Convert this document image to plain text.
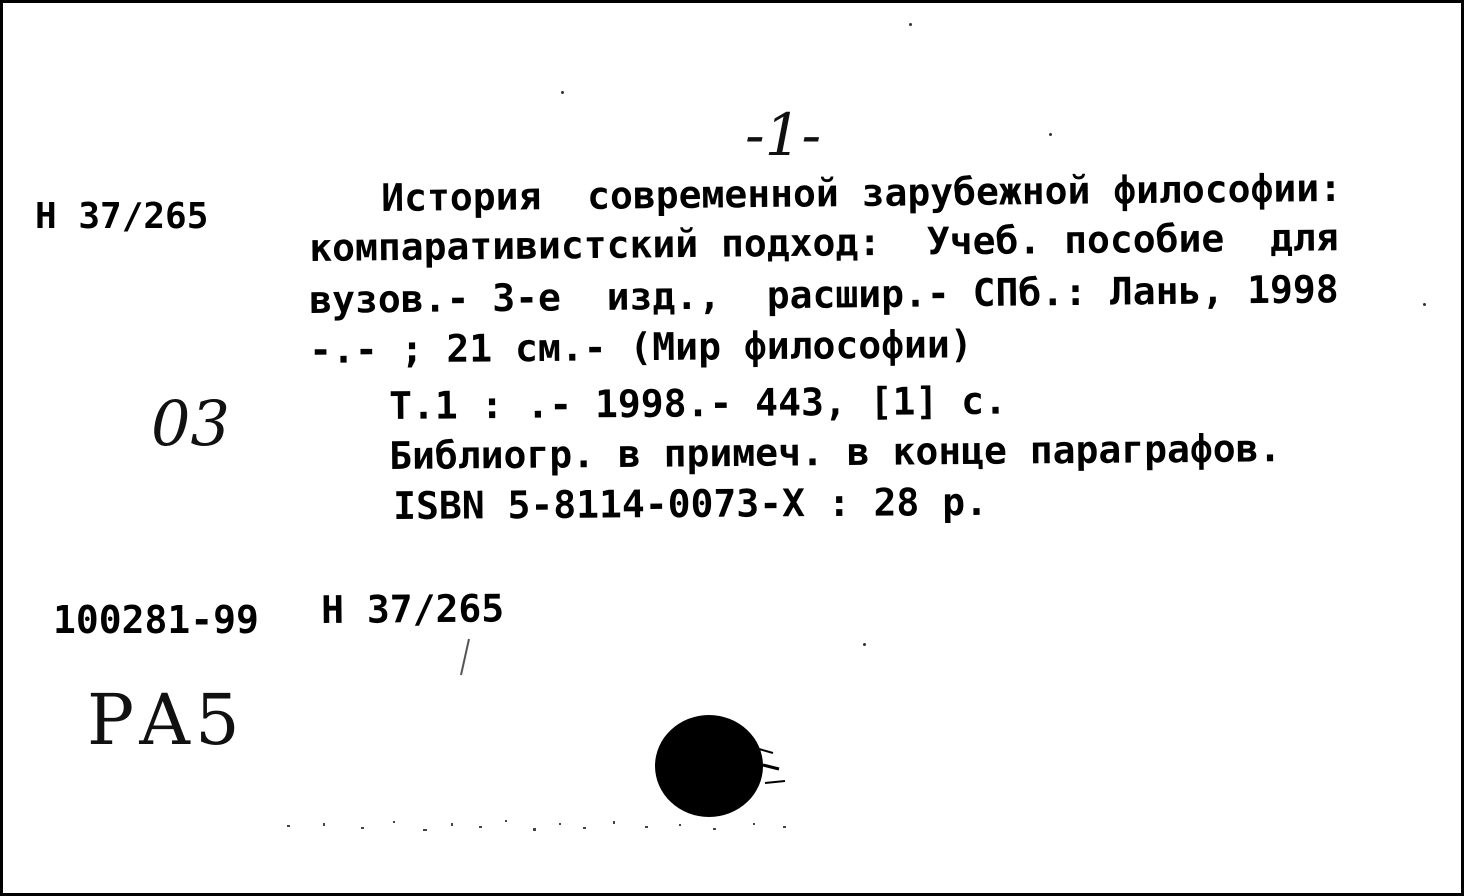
-1-
Н 37/265	История  современной зарубежной философии:
компаративистский подход:  Учеб. пособие  для
вузов.- 3-е  изд.,  расшир.- СПб.: Лань, 1998
-.- ; 21 см.- (Мир философии)
03	Т.1 : .- 1998.- 443, [1] с.
Библиогр. в примеч. в конце параграфов.
ISBN 5-8114-0073-X : 28 р.
100281-99 Н 37/265
РА5
